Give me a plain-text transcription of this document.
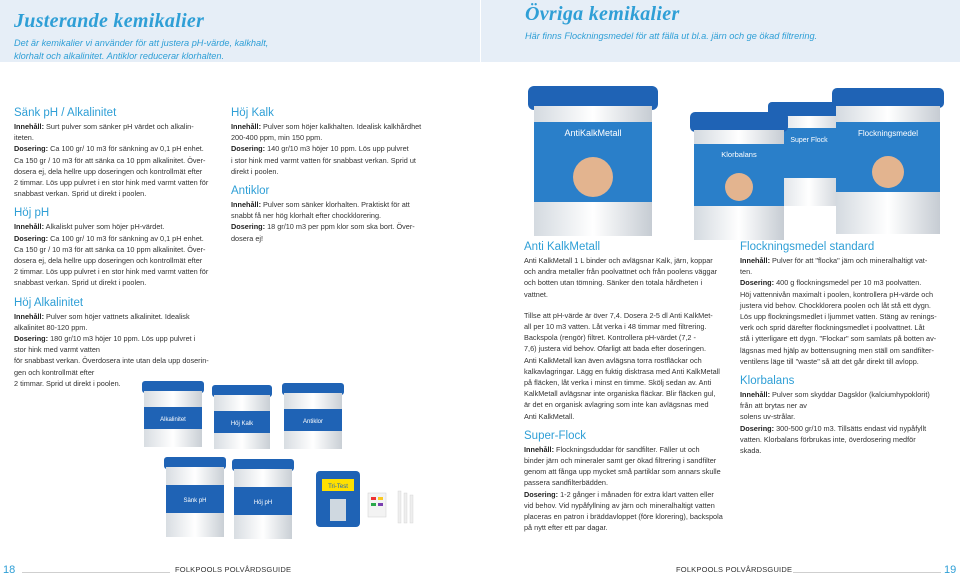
Justerande kemikalier
Det är kemikalier vi använder för att justera pH-värde, kalkhalt,
klorhalt och alkalinitet. Antiklor reducerar klorhalten.
Övriga kemikalier
Här finns Flockningsmedel för att fälla ut bl.a. järn och ge ökad filtrering.
Sänk pH / Alkalinitet
Innehåll: Surt pulver som sänker pH värdet och alkalin-
iteten.
Dosering: Ca 100 gr/ 10 m3 för sänkning av 0,1 pH enhet.
Ca 150 gr / 10 m3 för att sänka ca 10 ppm alkalinitet. Över-
dosera ej, dela hellre upp doseringen och kontrollmät efter
2 timmar. Lös upp pulvret i en stor hink med varmt vatten för
snabbast verkan. Sprid ut direkt i poolen.
Höj pH
Innehåll: Alkaliskt pulver som höjer pH-värdet.
Dosering: Ca 100 gr/ 10 m3 för sänkning av 0,1 pH enhet.
Ca 150 gr / 10 m3 för att sänka ca 10 ppm alkalinitet. Över-
dosera ej, dela hellre upp doseringen och kontrollmät efter
2 timmar. Lös upp pulvret i en stor hink med varmt vatten för
snabbast verkan. Sprid ut direkt i poolen.
Höj Alkalinitet
Innehåll: Pulver som höjer vattnets alkalinitet. Idealisk
alkalinitet 80-120 ppm.
Dosering: 180 gr/10 m3 höjer 10 ppm. Lös upp pulvret i
stor hink med varmt vatten
för snabbast verkan. Överdosera inte utan dela upp doserin-
gen och kontrollmät efter
2 timmar. Sprid ut direkt i poolen.
Höj Kalk
Innehåll: Pulver som höjer kalkhalten. Idealisk kalkhårdhet
200-400 ppm, min 150 ppm.
Dosering: 140 gr/10 m3 höjer 10 ppm. Lös upp pulvret
i stor hink med varmt vatten för snabbast verkan. Sprid ut
direkt i poolen.
Antiklor
Innehåll: Pulver som sänker klorhalten. Praktiskt för att
snabbt få ner hög klorhalt efter chockklorering.
Dosering: 18 gr/10 m3 per ppm klor som ska bort. Över-
dosera ej!
Alkalinitet
Höj Kalk	Antiklor
Sänk pH	Höj pH
Tri-Test
AntiKalkMetall
Super Flock
Flockningsmedel
Klorbalans
Anti KalkMetall
Anti KalkMetall 1 L binder och avlägsnar Kalk, järn, koppar
och andra metaller från poolvattnet och från poolens väggar
och botten utan tömning. Sänker den totala hårdheten i
vattnet.
Tillse att pH-värde är över 7,4. Dosera 2-5 dl Anti KalkMet-
all per 10 m3 vatten. Låt verka i 48 timmar med filtrering.
Backspola (rengör) filtret. Kontrollera pH-värdet (7,2 -
7,6) justera vid behov. Ofarligt att bada efter doseringen.
Anti KalkMetall kan även avlägsna torra rostfläckar och
kalkavlagringar. Lägg en fuktig disktrasa med Anti KalkMetall
på fläcken, låt verka i minst en timme. Skölj sedan av. Anti
KalkMetall avlägsnar inte organiska fläckar. Blir fläcken gul,
är det en organisk avlagring som inte kan avlägsnas med
Anti KalkMetall.
Super-Flock
Innehåll: Flockningsduddar för sandfilter. Fäller ut och
binder järn och mineraler samt ger ökad filtrering i sandfilter
genom att fånga upp mycket små partiklar som annars skulle
passera sandfilterbädden.
Dosering: 1-2 gånger i månaden för extra klart vatten eller
vid behov. Vid nypåfyllning av järn och mineralhaltigt vatten
placeras en patron i bräddavloppet (före klorering), backspola
på nytt efter ett par dagar.
Flockningsmedel standard
Innehåll: Pulver för att "flocka" järn och mineralhaltigt vat-
ten.
Dosering: 400 g flockningsmedel per 10 m3 poolvatten.
Höj vattennivån maximalt i poolen, kontrollera pH-värde och
justera vid behov. Chockklorera poolen och låt stå ett dygn.
Lös upp flockningsmedlet i ljummet vatten. Stäng av renings-
verk och sprid därefter flockningsmedlet i poolvattnet. Låt
stå i ytterligare ett dygn. "Flockar" som samlats på botten av-
lägsnas med hjälp av bottensugning men ställ om sandfilter-
ventilens läge till "waste" så att det går direkt till avlopp.
Klorbalans
Innehåll: Pulver som skyddar Dagsklor (kalciumhypoklorit)
från att brytas ner av
solens uv-strålar.
Dosering: 300-500 gr/10 m3. Tillsätts endast vid nypåfyllt
vatten. Klorbalans förbrukas inte, överdosering medför
skada.
18	FOLKPOOLS POLVÅRDSGUIDE	FOLKPOOLS POLVÅRDSGUIDE	19
